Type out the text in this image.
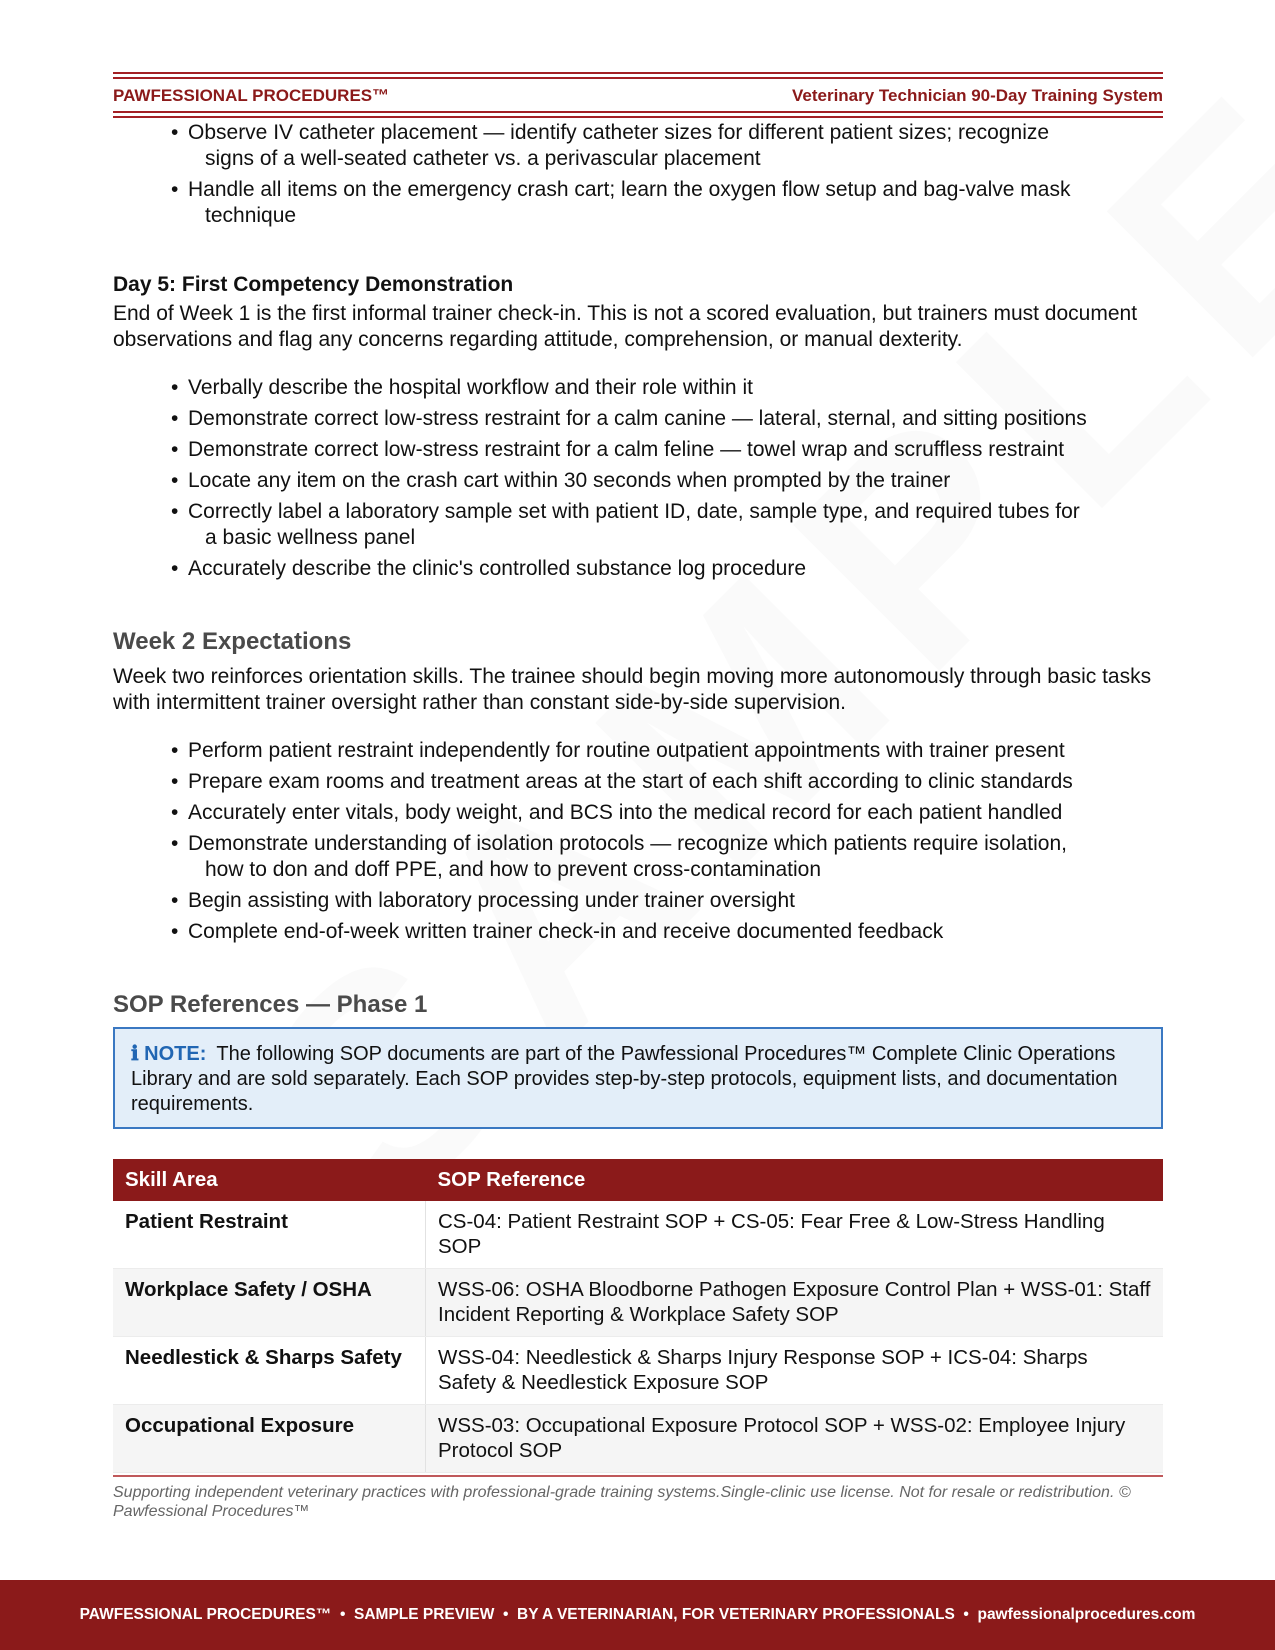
PAWFESSIONAL PROCEDURES™	Veterinary Technician 90-Day Training System
• Observe IV catheter placement — identify catheter sizes for different patient sizes; recognize
signs of a well-seated catheter vs. a perivascular placement
• Handle all items on the emergency crash cart; learn the oxygen flow setup and bag-valve mask
technique
Day 5: First Competency Demonstration

End of Week 1 is the first informal trainer check-in. This is not a scored evaluation, but trainers must document observations and flag any concerns regarding attitude, comprehension, or manual dexterity.

• Verbally describe the hospital workflow and their role within it
• Demonstrate correct low-stress restraint for a calm canine — lateral, sternal, and sitting positions
• Demonstrate correct low-stress restraint for a calm feline — towel wrap and scruffless restraint
• Locate any item on the crash cart within 30 seconds when prompted by the trainer
• Correctly label a laboratory sample set with patient ID, date, sample type, and required tubes for
a basic wellness panel
• Accurately describe the clinic's controlled substance log procedure
Week 2 Expectations

Week two reinforces orientation skills. The trainee should begin moving more autonomously through basic tasks with intermittent trainer oversight rather than constant side-by-side supervision.

• Perform patient restraint independently for routine outpatient appointments with trainer present
• Prepare exam rooms and treatment areas at the start of each shift according to clinic standards
• Accurately enter vitals, body weight, and BCS into the medical record for each patient handled
• Demonstrate understanding of isolation protocols — recognize which patients require isolation,
how to don and doff PPE, and how to prevent cross-contamination
• Begin assisting with laboratory processing under trainer oversight
• Complete end-of-week written trainer check-in and receive documented feedback
SOP References — Phase 1
ℹ NOTE: The following SOP documents are part of the Pawfessional Procedures™ Complete Clinic Operations Library and are sold separately. Each SOP provides step-by-step protocols, equipment lists, and documentation requirements.
Skill Area	SOP Reference
Patient Restraint	CS-04: Patient Restraint SOP + CS-05: Fear Free & Low-Stress Handling SOP
Workplace Safety / OSHA	WSS-06: OSHA Bloodborne Pathogen Exposure Control Plan + WSS-01: Staff Incident Reporting & Workplace Safety SOP
Needlestick & Sharps Safety	WSS-04: Needlestick & Sharps Injury Response SOP + ICS-04: Sharps Safety & Needlestick Exposure SOP
Occupational Exposure	WSS-03: Occupational Exposure Protocol SOP + WSS-02: Employee Injury Protocol SOP
Supporting independent veterinary practices with professional-grade training systems.Single-clinic use license. Not for resale or redistribution. © Pawfessional Procedures™
PAWFESSIONAL PROCEDURES™  •  SAMPLE PREVIEW  •  BY A VETERINARIAN, FOR VETERINARY PROFESSIONALS  •  pawfessionalprocedures.com
